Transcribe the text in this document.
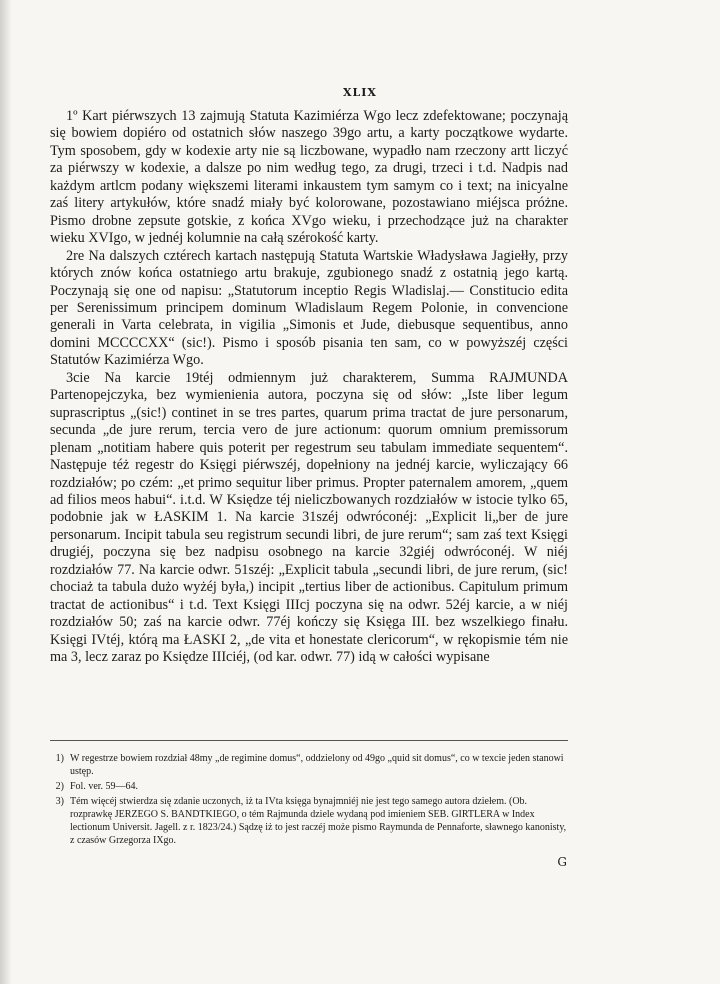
XLIX

1º Kart piérwszych 13 zajmują Statuta Kazimiérza Wgo lecz zdefektowane; poczynają się bowiem dopiéro od ostatnich słów naszego 39go artu, a karty początkowe wydarte. Tym sposobem, gdy w kodexie arty nie są liczbowane, wypadło nam rzeczony artt liczyć za piérwszy w kodexie, a dalsze po nim według tego, za drugi, trzeci i t.d. Nadpis nad każdym artlcm podany większemi literami inkaustem tym samym co i text; na inicyalne zaś litery artykułów, które snadź miały być kolorowane, pozostawiano miéjsca próżne. Pismo drobne zepsute gotskie, z końca XVgo wieku, i przechodzące już na charakter wieku XVIgo, w jednéj kolumnie na całą szérokość karty.

2re Na dalszych cztérech kartach następują Statuta Wartskie Władysława Jagiełły, przy których znów końca ostatniego artu brakuje, zgubionego snadź z ostatnią jego kartą. Poczynają się one od napisu: „Statutorum inceptio Regis Wladislaj.— Constitucio edita per Serenissimum principem dominum Wladislaum Regem Polonie, in convencione generali in Varta celebrata, in vigilia „Simonis et Jude, diebusque sequentibus, anno domini MCCCCXX“ (sic!). Pismo i sposób pisania ten sam, co w powyższéj części Statutów Kazimiérza Wgo.

3cie Na karcie 19téj odmiennym już charakterem, Summa RAJMUNDA Partenopejczyka, bez wymienienia autora, poczyna się od słów: „Iste liber legum suprascriptus „(sic!) continet in se tres partes, quarum prima tractat de jure personarum, secunda „de jure rerum, tercia vero de jure actionum: quorum omnium premissorum plenam „notitiam habere quis poterit per regestrum seu tabulam immediate sequentem“. Następuje téż regestr do Księgi piérwszéj, dopełniony na jednéj karcie, wyliczający 66 rozdziałów; po czém: „et primo sequitur liber primus. Propter paternalem amorem, „quem ad filios meos habui“. i.t.d. W Księdze téj nieliczbowanych rozdziałów w istocie tylko 65, podobnie jak w ŁASKIM 1. Na karcie 31széj odwróconéj: „Explicit li„ber de jure personarum. Incipit tabula seu registrum secundi libri, de jure rerum“; sam zaś text Księgi drugiéj, poczyna się bez nadpisu osobnego na karcie 32giéj odwróconéj. W niéj rozdziałów 77. Na karcie odwr. 51széj: „Explicit tabula „secundi libri, de jure rerum, (sic! chociaż ta tabula dużo wyżéj była,) incipit „tertius liber de actionibus. Capitulum primum tractat de actionibus“ i t.d. Text Księgi IIIcj poczyna się na odwr. 52éj karcie, a w niéj rozdziałów 50; zaś na karcie odwr. 77éj kończy się Księga III. bez wszelkiego finału. Księgi IVtéj, którą ma ŁASKI 2, „de vita et honestate clericorum“, w rękopismie tém nie ma 3, lecz zaraz po Księdze IIIciéj, (od kar. odwr. 77) idą w całości wypisane

1) W regestrze bowiem rozdział 48my „de regimine domus“, oddzielony od 49go „quid sit domus“, co w texcie jeden stanowi ustęp.
2) Fol. ver. 59—64.
3) Tém więcéj stwierdza się zdanie uczonych, iż ta IVta księga bynajmniéj nie jest tego samego autora dziełem. (Ob. rozprawkę JERZEGO S. BANDTKIEGO, o tém Rajmunda dziele wydaną pod imieniem SEB. GIRTLERA w Index lectionum Universit. Jagell. z r. 1823/24.) Sądzę iż to jest raczéj może pismo Raymunda de Pennaforte, sławnego kanonisty, z czasów Grzegorza IXgo.
G
